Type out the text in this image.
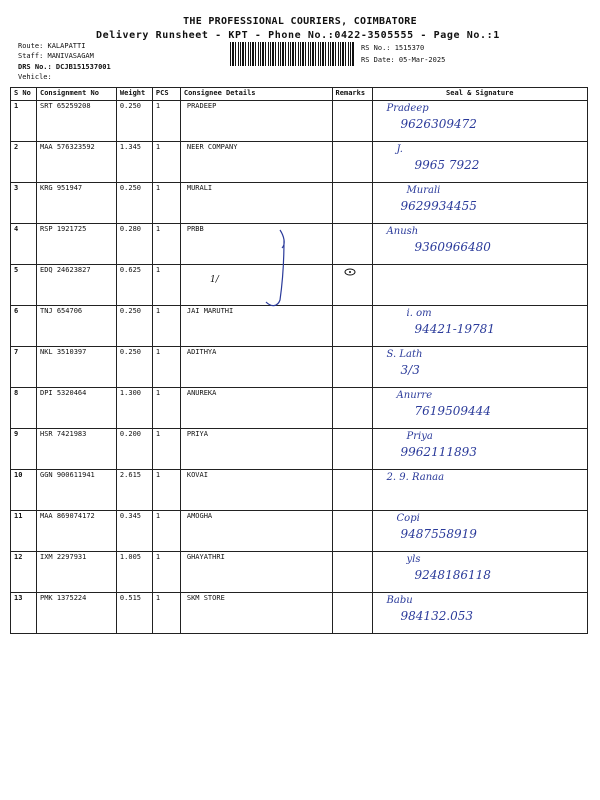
THE PROFESSIONAL COURIERS, COIMBATORE
Delivery Runsheet - KPT - Phone No.:0422-3505555 - Page No.:1
Route: KALAPATTI
Staff: MANIVASAGAM
DRS No.: DCJB151537001
Vehicle:
RS No.: 1515370
RS Date: 05-Mar-2025
S No	Consignment No	Weight	PCS	Consignee Details	Remarks	Seal & Signature
1	SRT 65259208	0.250	1	PRADEEP		Pradeep
9626309472

2	MAA 576323592	1.345	1	NEER COMPANY		J.
9965 7922

3	KRG 951947	0.250	1	MURALI		Murali
9629934455

4	RSP 1921725	0.280	1	PRBB		Anush
9360966480

5	EDQ 24623827	0.625	1			

6	TNJ 654706	0.250	1	JAI MARUTHI		i. om
94421-19781

7	NKL 3510397	0.250	1	ADITHYA		S. Lath
3/3

8	DPI 5320464	1.300	1	ANUREKA		Anurre
7619509444

9	HSR 7421983	0.200	1	PRIYA		Priya
9962111893

10	GGN 900611941	2.615	1	KOVAI		2. 9. Ranaa

11	MAA 869074172	0.345	1	AMOGHA		Copi
9487558919

12	IXM 2297931	1.005	1	GHAYATHRI		yls
9248186118

13	PMK 1375224	0.515	1	SKM STORE		Babu
984132.053
1/
